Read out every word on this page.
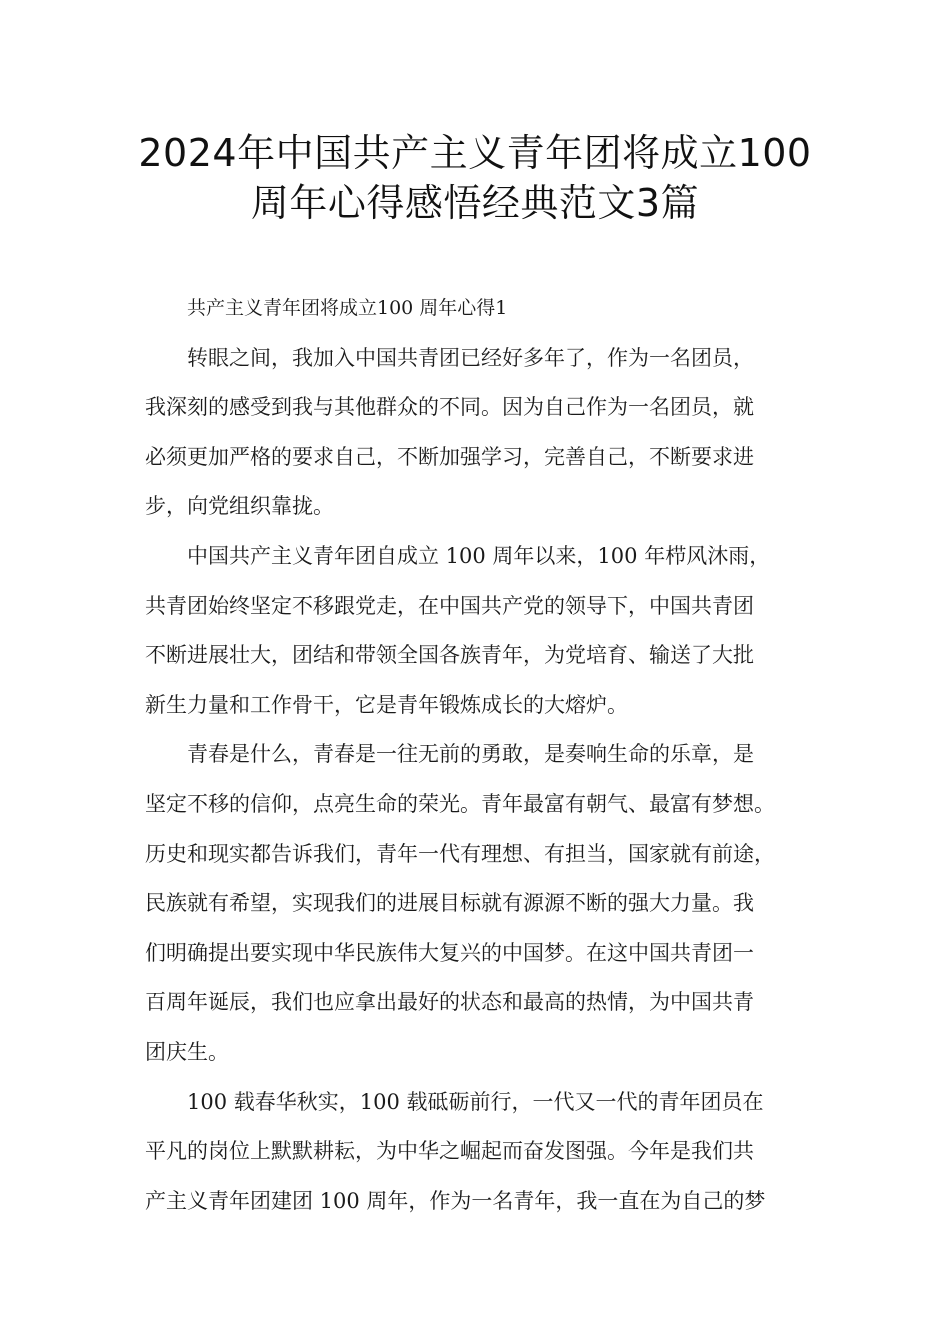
2024年中国共产主义青年团将成立100
周年心得感悟经典范文3篇

共产主义青年团将成立100 周年心得1

转眼之间，我加入中国共青团已经好多年了，作为一名团员，
我深刻的感受到我与其他群众的不同。因为自己作为一名团员，就
必须更加严格的要求自己，不断加强学习，完善自己，不断要求进
步，向党组织靠拢。

中国共产主义青年团自成立 100 周年以来，100 年栉风沐雨，
共青团始终坚定不移跟党走，在中国共产党的领导下，中国共青团
不断进展壮大，团结和带领全国各族青年，为党培育、输送了大批
新生力量和工作骨干，它是青年锻炼成长的大熔炉。

青春是什么，青春是一往无前的勇敢，是奏响生命的乐章，是
坚定不移的信仰，点亮生命的荣光。青年最富有朝气、最富有梦想。
历史和现实都告诉我们，青年一代有理想、有担当，国家就有前途，
民族就有希望，实现我们的进展目标就有源源不断的强大力量。我
们明确提出要实现中华民族伟大复兴的中国梦。在这中国共青团一
百周年诞辰，我们也应拿出最好的状态和最高的热情，为中国共青
团庆生。

100 载春华秋实，100 载砥砺前行，一代又一代的青年团员在
平凡的岗位上默默耕耘，为中华之崛起而奋发图强。今年是我们共
产主义青年团建团 100 周年，作为一名青年，我一直在为自己的梦
